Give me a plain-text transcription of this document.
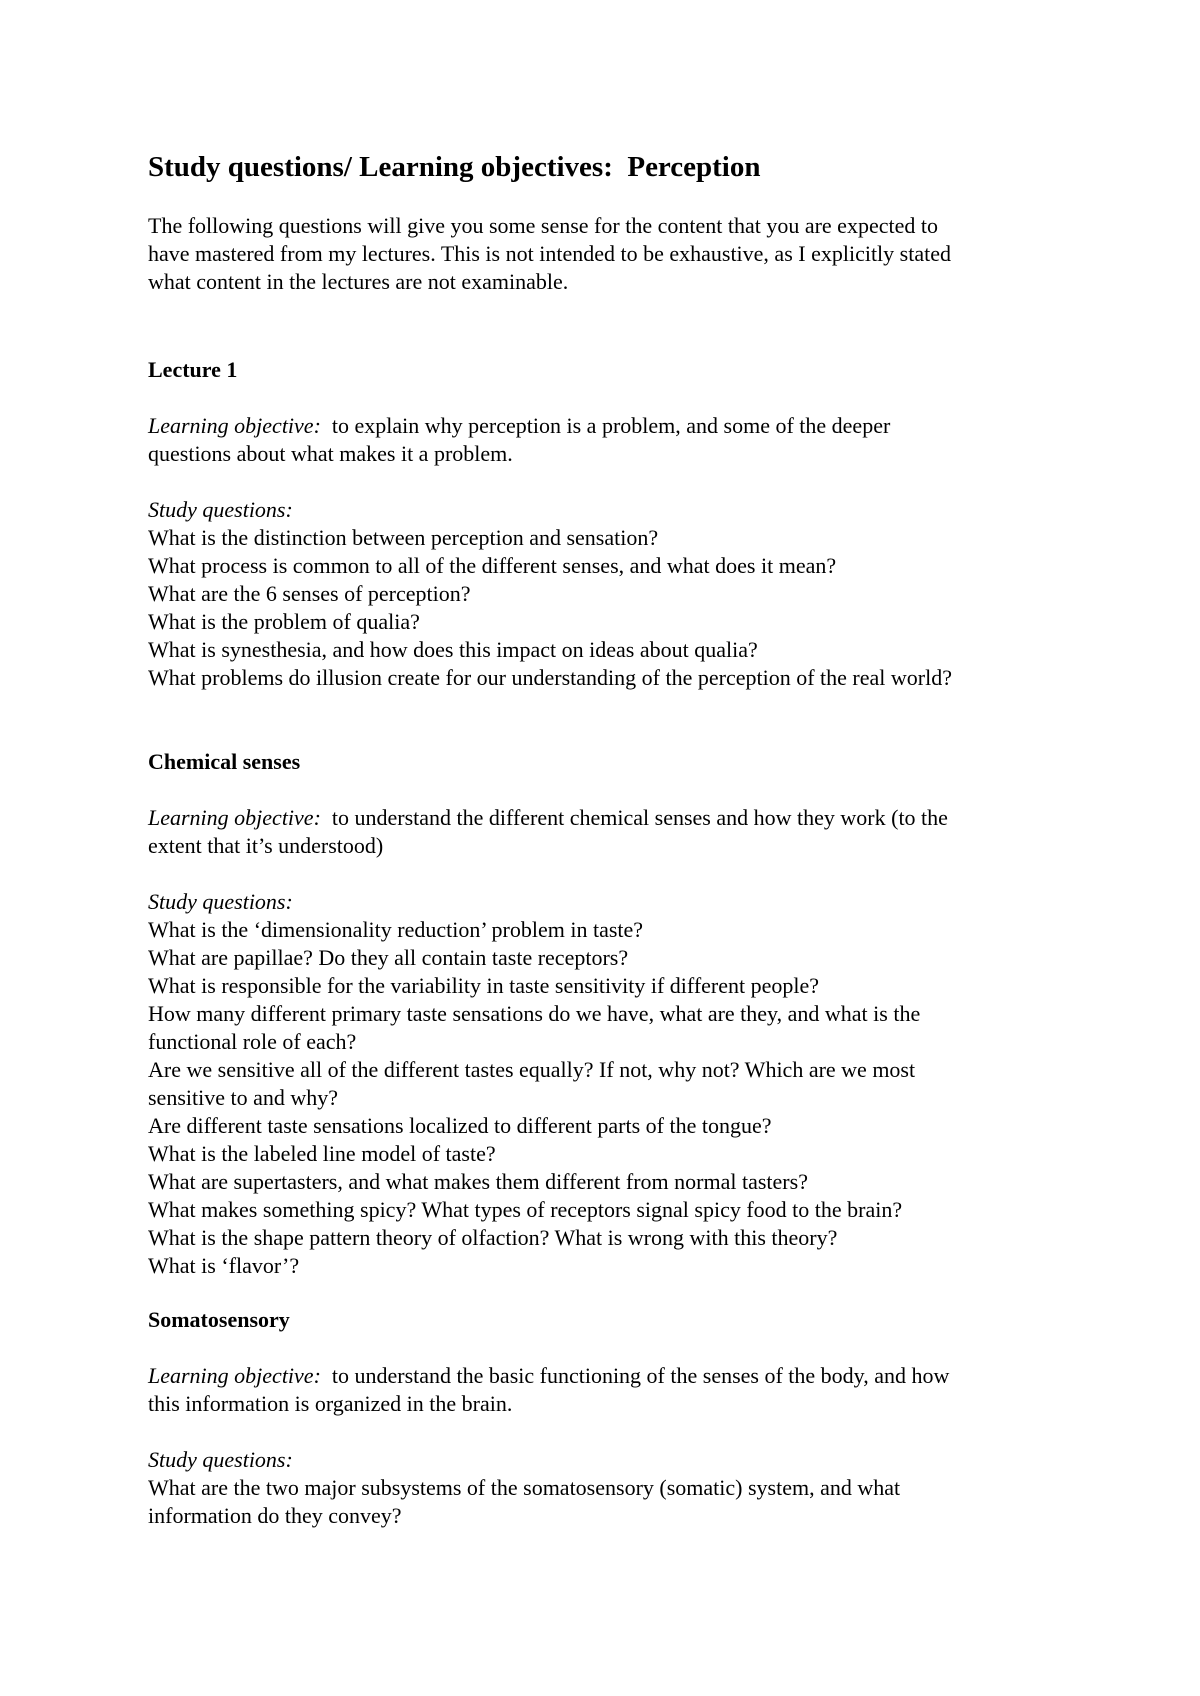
Study questions/ Learning objectives:  Perception
The following questions will give you some sense for the content that you are expected to
have mastered from my lectures. This is not intended to be exhaustive, as I explicitly stated
what content in the lectures are not examinable.
Lecture 1
Learning objective:  to explain why perception is a problem, and some of the deeper
questions about what makes it a problem.
Study questions:
What is the distinction between perception and sensation?
What process is common to all of the different senses, and what does it mean?
What are the 6 senses of perception?
What is the problem of qualia?
What is synesthesia, and how does this impact on ideas about qualia?
What problems do illusion create for our understanding of the perception of the real world?
Chemical senses
Learning objective:  to understand the different chemical senses and how they work (to the
extent that it’s understood)
Study questions:
What is the ‘dimensionality reduction’ problem in taste?
What are papillae? Do they all contain taste receptors?
What is responsible for the variability in taste sensitivity if different people?
How many different primary taste sensations do we have, what are they, and what is the
functional role of each?
Are we sensitive all of the different tastes equally? If not, why not? Which are we most
sensitive to and why?
Are different taste sensations localized to different parts of the tongue?
What is the labeled line model of taste?
What are supertasters, and what makes them different from normal tasters?
What makes something spicy? What types of receptors signal spicy food to the brain?
What is the shape pattern theory of olfaction? What is wrong with this theory?
What is ‘flavor’?
Somatosensory
Learning objective:  to understand the basic functioning of the senses of the body, and how
this information is organized in the brain.
Study questions:
What are the two major subsystems of the somatosensory (somatic) system, and what
information do they convey?
